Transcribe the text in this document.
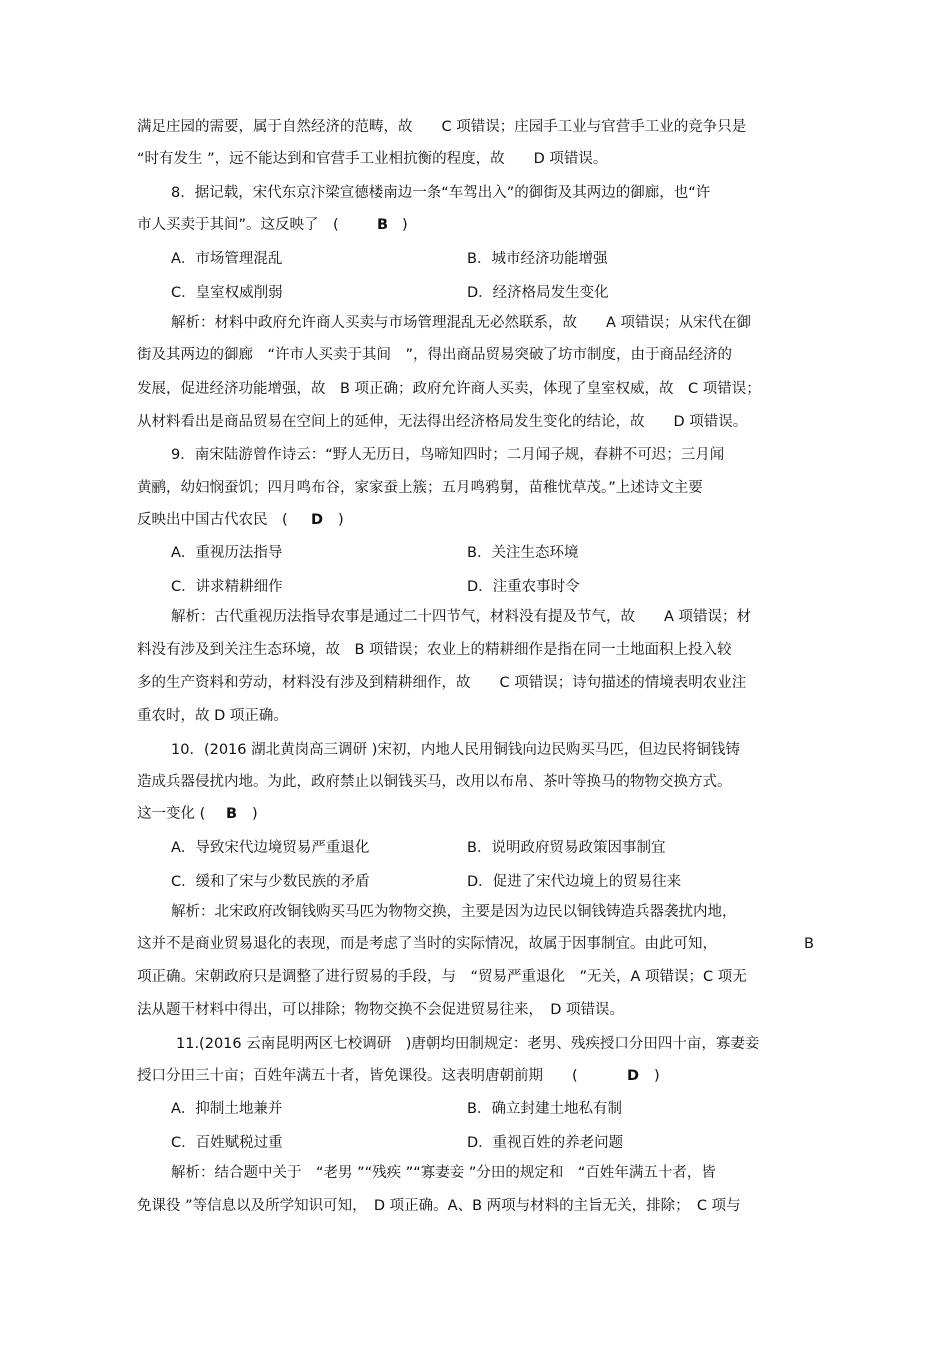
满足庄园的需要，属于自然经济的范畴，故　　C 项错误；庄园手工业与官营手工业的竞争只是
“时有发生 ”，远不能达到和官营手工业相抗衡的程度，故　　D 项错误。
8．据记载，宋代东京汴梁宣德楼南边一条“车驾出入”的御街及其两边的御廊，也“许
市人买卖于其间”。这反映了　(	B )
A．市场管理混乱	B．城市经济功能增强
C．皇室权威削弱	D．经济格局发生变化
解析：材料中政府允许商人买卖与市场管理混乱无必然联系，故　　A 项错误；从宋代在御
街及其两边的御廊　“许市人买卖于其间　”，得出商品贸易突破了坊市制度，由于商品经济的
发展，促进经济功能增强，故　B 项正确；政府允许商人买卖，体现了皇室权威，故　C 项错误；
从材料看出是商品贸易在空间上的延伸，无法得出经济格局发生变化的结论，故　　D 项错误。
9．南宋陆游曾作诗云：“野人无历日，鸟啼知四时；二月闻子规，春耕不可迟；三月闻
黄鹂，幼妇悯蚕饥；四月鸣布谷，家家蚕上簇；五月鸣鸦舅，苗稚忧草茂。”上述诗文主要
反映出中国古代农民　( D )
A．重视历法指导	B．关注生态环境
C．讲求精耕细作	D．注重农事时令
解析：古代重视历法指导农事是通过二十四节气，材料没有提及节气，故　　A 项错误；材
料没有涉及到关注生态环境，故　B 项错误；农业上的精耕细作是指在同一土地面积上投入较
多的生产资料和劳动，材料没有涉及到精耕细作，故　　C 项错误；诗句描述的情境表明农业注
重农时，故 D 项正确。
10．(2016 湖北黄岗高三调研 )宋初，内地人民用铜钱向边民购买马匹，但边民将铜钱铸
造成兵器侵扰内地。为此，政府禁止以铜钱买马，改用以布帛、茶叶等换马的物物交换方式。
这一变化 ( B )
A．导致宋代边境贸易严重退化	B．说明政府贸易政策因事制宜
C．缓和了宋与少数民族的矛盾	D．促进了宋代边境上的贸易往来
解析：北宋政府改铜钱购买马匹为物物交换，主要是因为边民以铜钱铸造兵器袭扰内地，
这并不是商业贸易退化的表现，而是考虑了当时的实际情况，故属于因事制宜。由此可知，	B
项正确。宋朝政府只是调整了进行贸易的手段，与　“贸易严重退化　”无关，A 项错误；C 项无
法从题干材料中得出，可以排除；物物交换不会促进贸易往来，　D 项错误。
11.(2016 云南昆明两区七校调研　)唐朝均田制规定：老男、残疾授口分田四十亩，寡妻妾
授口分田三十亩；百姓年满五十者，皆免课役。这表明唐朝前期　　(	D )
A．抑制土地兼并	B．确立封建土地私有制
C．百姓赋税过重	D．重视百姓的养老问题
解析：结合题中关于　“老男 ”“残疾 ”“寡妻妾 ”分田的规定和　“百姓年满五十者，皆
免课役 ”等信息以及所学知识可知，　D 项正确。A、B 两项与材料的主旨无关，排除；　C 项与
